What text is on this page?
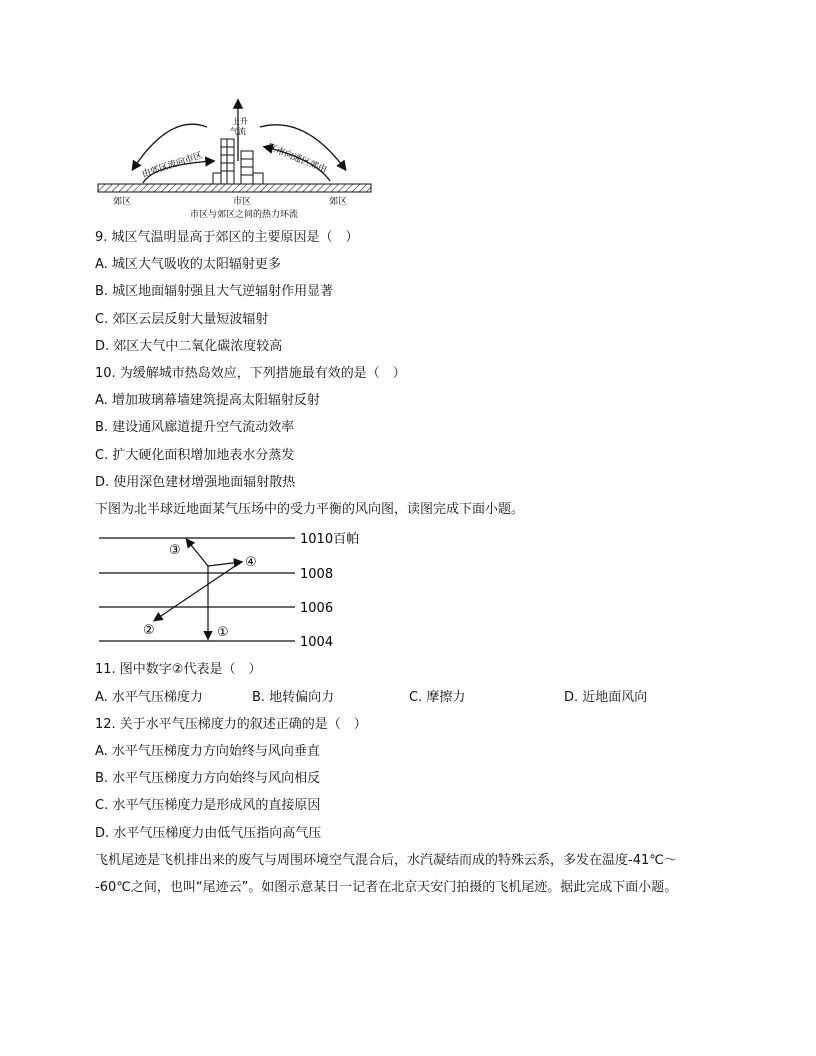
上升
气流
由郊区流向市区	区市向通区郊由
郊区	市区	郊区
市区与郊区之间的热力环流
9. 城区气温明显高于郊区的主要原因是（　）
A. 城区大气吸收的太阳辐射更多
B. 城区地面辐射强且大气逆辐射作用显著
C. 郊区云层反射大量短波辐射
D. 郊区大气中二氧化碳浓度较高
10. 为缓解城市热岛效应，下列措施最有效的是（　）
A. 增加玻璃幕墙建筑提高太阳辐射反射
B. 建设通风廊道提升空气流动效率
C. 扩大硬化面积增加地表水分蒸发
D. 使用深色建材增强地面辐射散热
下图为北半球近地面某气压场中的受力平衡的风向图，读图完成下面小题。
1010百帕
1008
1006
1004
③
④
②	①
11. 图中数字②代表是（　）
A. 水平气压梯度力	B. 地转偏向力	C. 摩擦力	D. 近地面风向
12. 关于水平气压梯度力的叙述正确的是（　）
A. 水平气压梯度力方向始终与风向垂直
B. 水平气压梯度力方向始终与风向相反
C. 水平气压梯度力是形成风的直接原因
D. 水平气压梯度力由低气压指向高气压
飞机尾迹是飞机排出来的废气与周围环境空气混合后，水汽凝结而成的特殊云系，多发在温度-41℃～
-60℃之间，也叫“尾迹云”。如图示意某日一记者在北京天安门拍摄的飞机尾迹。据此完成下面小题。
